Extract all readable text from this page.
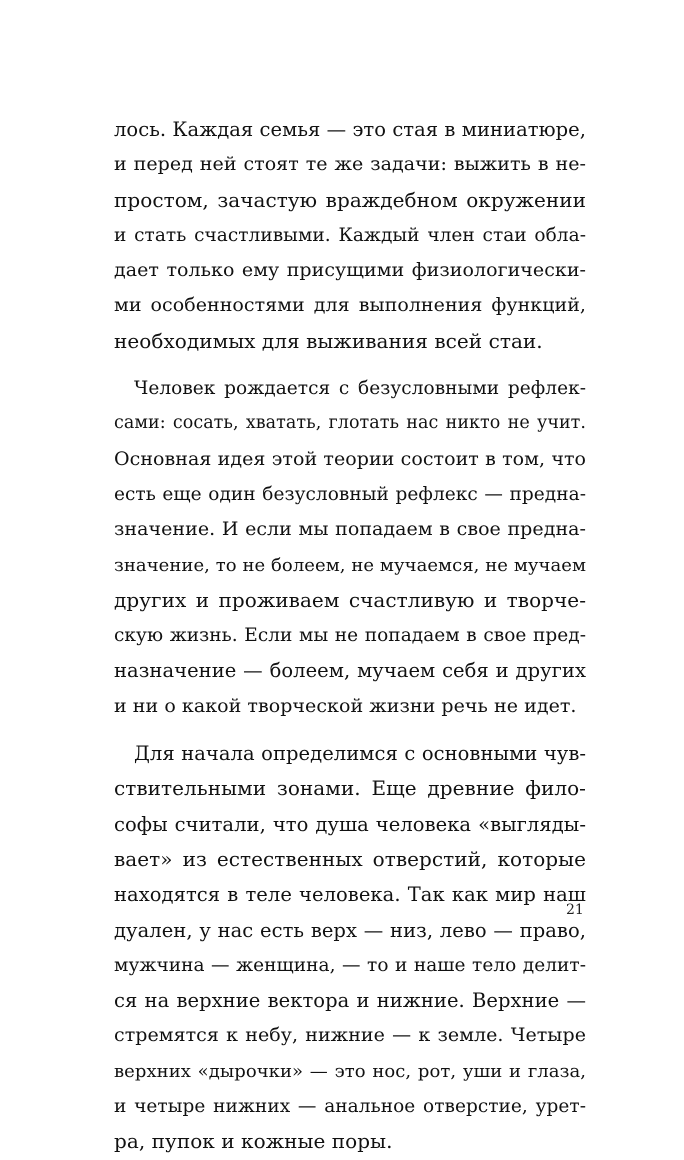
лось. Каждая семья — это стая в миниатюре,
и перед ней стоят те же задачи: выжить в не-
простом, зачастую враждебном окружении
и стать счастливыми. Каждый член стаи обла-
дает только ему присущими физиологически-
ми особенностями для выполнения функций,
необходимых для выживания всей стаи.
Человек рождается с безусловными рефлек-
сами: сосать, хватать, глотать нас никто не учит.
Основная идея этой теории состоит в том, что
есть еще один безусловный рефлекс — предна-
значение. И если мы попадаем в свое предна-
значение, то не болеем, не мучаемся, не мучаем
других и проживаем счастливую и творче-
скую жизнь. Если мы не попадаем в свое пред-
назначение — болеем, мучаем себя и других
и ни о какой творческой жизни речь не идет.
Для начала определимся с основными чув-
ствительными зонами. Еще древние фило-
софы считали, что душа человека «выгляды-
вает» из естественных отверстий, которые
находятся в теле человека. Так как мир наш
дуален, у нас есть верх — низ, лево — право,
мужчина — женщина, — то и наше тело делит-
ся на верхние вектора и нижние. Верхние —
стремятся к небу, нижние — к земле. Четыре
верхних «дырочки» — это нос, рот, уши и глаза,
и четыре нижних — анальное отверстие, урет-
ра, пупок и кожные поры.
21
